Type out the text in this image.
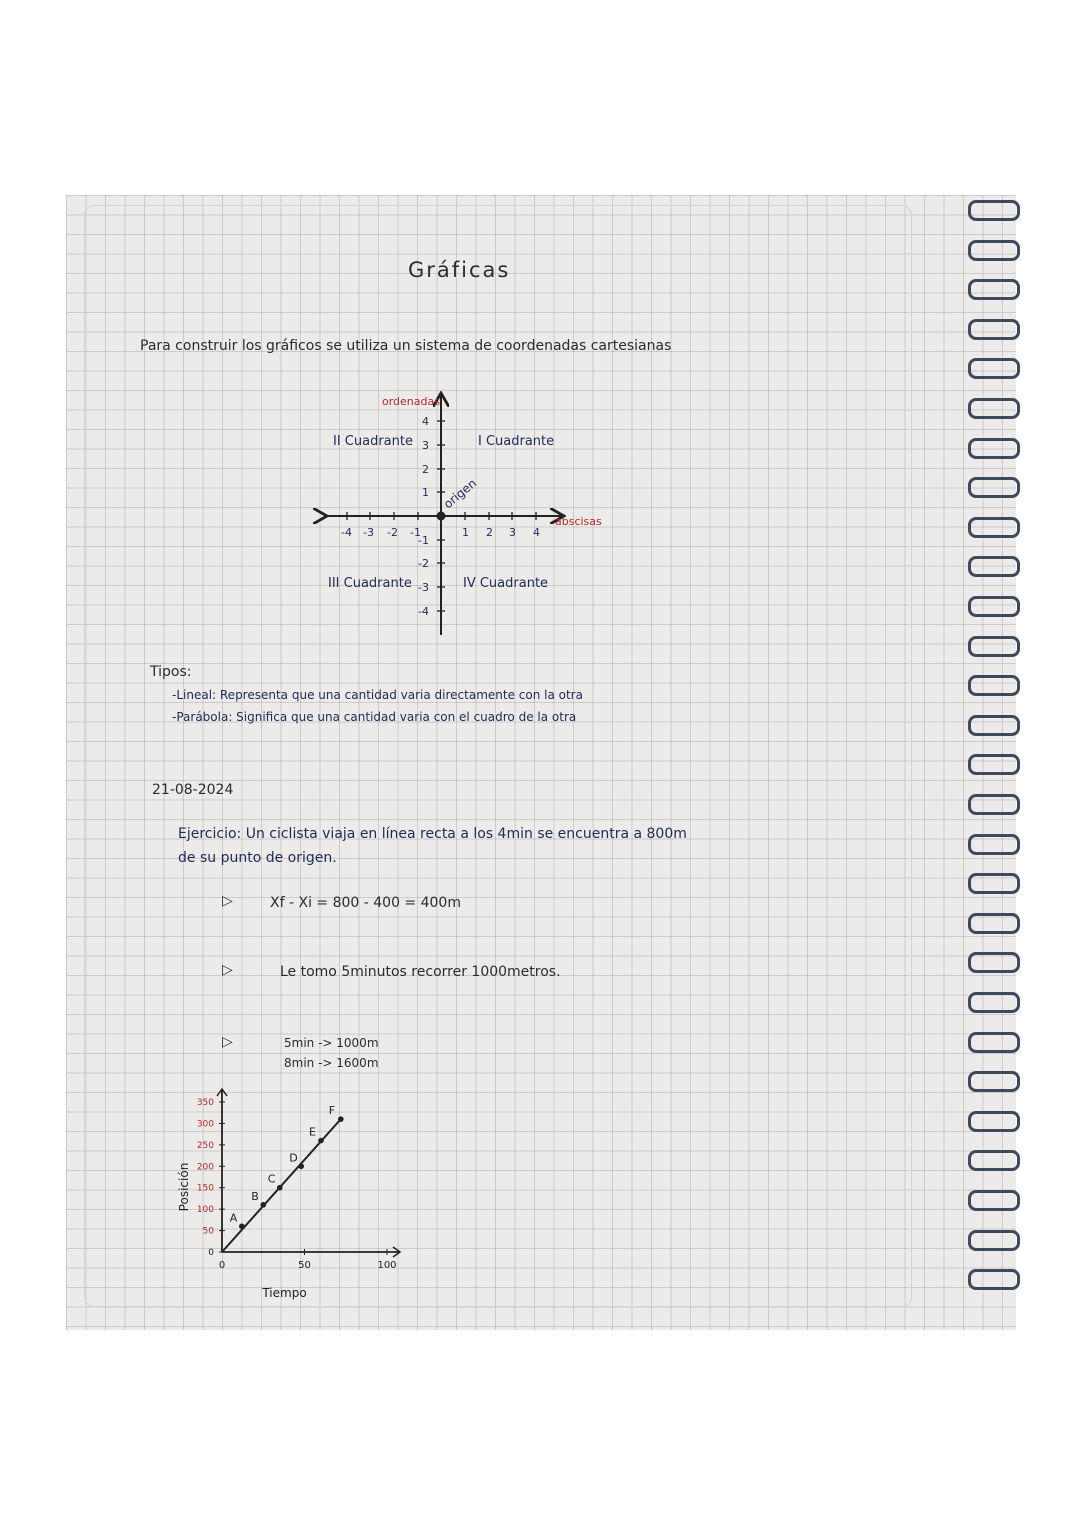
Gráficas
Para construir los gráficos se utiliza un sistema de coordenadas cartesianas
-4 -3 -2 -1	1 2 3 4
4
3
2
1
-1
-2
-3
-4
ordenadas
abscisas
origen
I Cuadrante
II Cuadrante
III Cuadrante	IV Cuadrante
Tipos:
-Lineal: Representa que una cantidad varia directamente con la otra
-Parábola: Significa que una cantidad varia con el cuadro de la otra
21-08-2024
Ejercicio: Un ciclista viaja en línea recta a los 4min se encuentra a 800m
de su punto de origen.
▷	Xf - Xi = 800 - 400 = 400m
▷	Le tomo 5minutos recorrer 1000metros.
▷	5min -> 1000m
8min -> 1600m
0
50
100
150
200
250
300
350
0	50	100
Tiempo
Posición
A
B
C
D
E
F
